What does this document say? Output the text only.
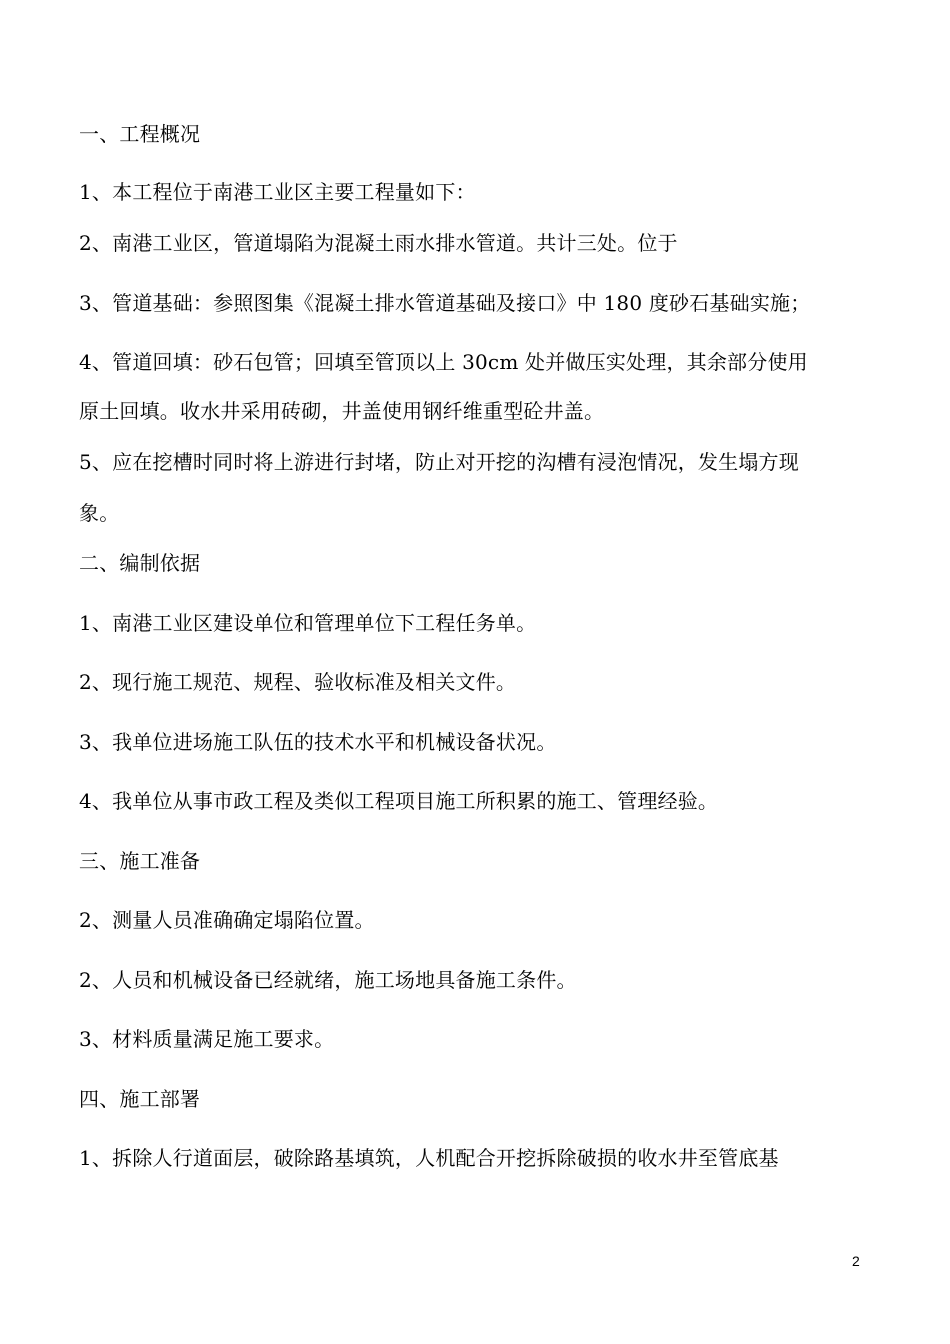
一、工程概况
1、本工程位于南港工业区主要工程量如下：
2、南港工业区，管道塌陷为混凝土雨水排水管道。共计三处。位于
3、管道基础：参照图集《混凝土排水管道基础及接口》中 180 度砂石基础实施；
4、管道回填：砂石包管；回填至管顶以上 30cm 处并做压实处理，其余部分使用
原土回填。收水井采用砖砌，井盖使用钢纤维重型砼井盖。
5、应在挖槽时同时将上游进行封堵，防止对开挖的沟槽有浸泡情况，发生塌方现
象。
二、编制依据
1、南港工业区建设单位和管理单位下工程任务单。
2、现行施工规范、规程、验收标准及相关文件。
3、我单位进场施工队伍的技术水平和机械设备状况。
4、我单位从事市政工程及类似工程项目施工所积累的施工、管理经验。
三、施工准备
2、测量人员准确确定塌陷位置。
2、人员和机械设备已经就绪，施工场地具备施工条件。
3、材料质量满足施工要求。
四、施工部署
1、拆除人行道面层，破除路基填筑，人机配合开挖拆除破损的收水井至管底基
2
